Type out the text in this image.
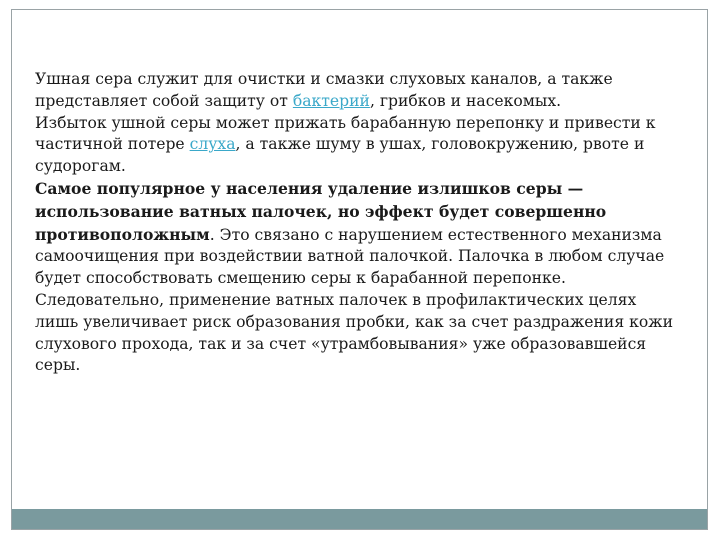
Ушная сера служит для очистки и смазки слуховых каналов, а также представляет собой защиту от бактерий, грибков и насекомых.

Избыток ушной серы может прижать барабанную перепонку и привести к частичной потере слуха, а также шуму в ушах, головокружению, рвоте и судорогам.

Самое популярное у населения удаление излишков серы — использование ватных палочек, но эффект будет совершенно противоположным. Это связано с нарушением естественного механизма самоочищения при воздействии ватной палочкой. Палочка в любом случае будет способствовать смещению серы к барабанной перепонке. Следовательно, применение ватных палочек в профилактических целях лишь увеличивает риск образования пробки, как за счет раздражения кожи слухового прохода, так и за счет «утрамбовывания» уже образовавшейся серы.
